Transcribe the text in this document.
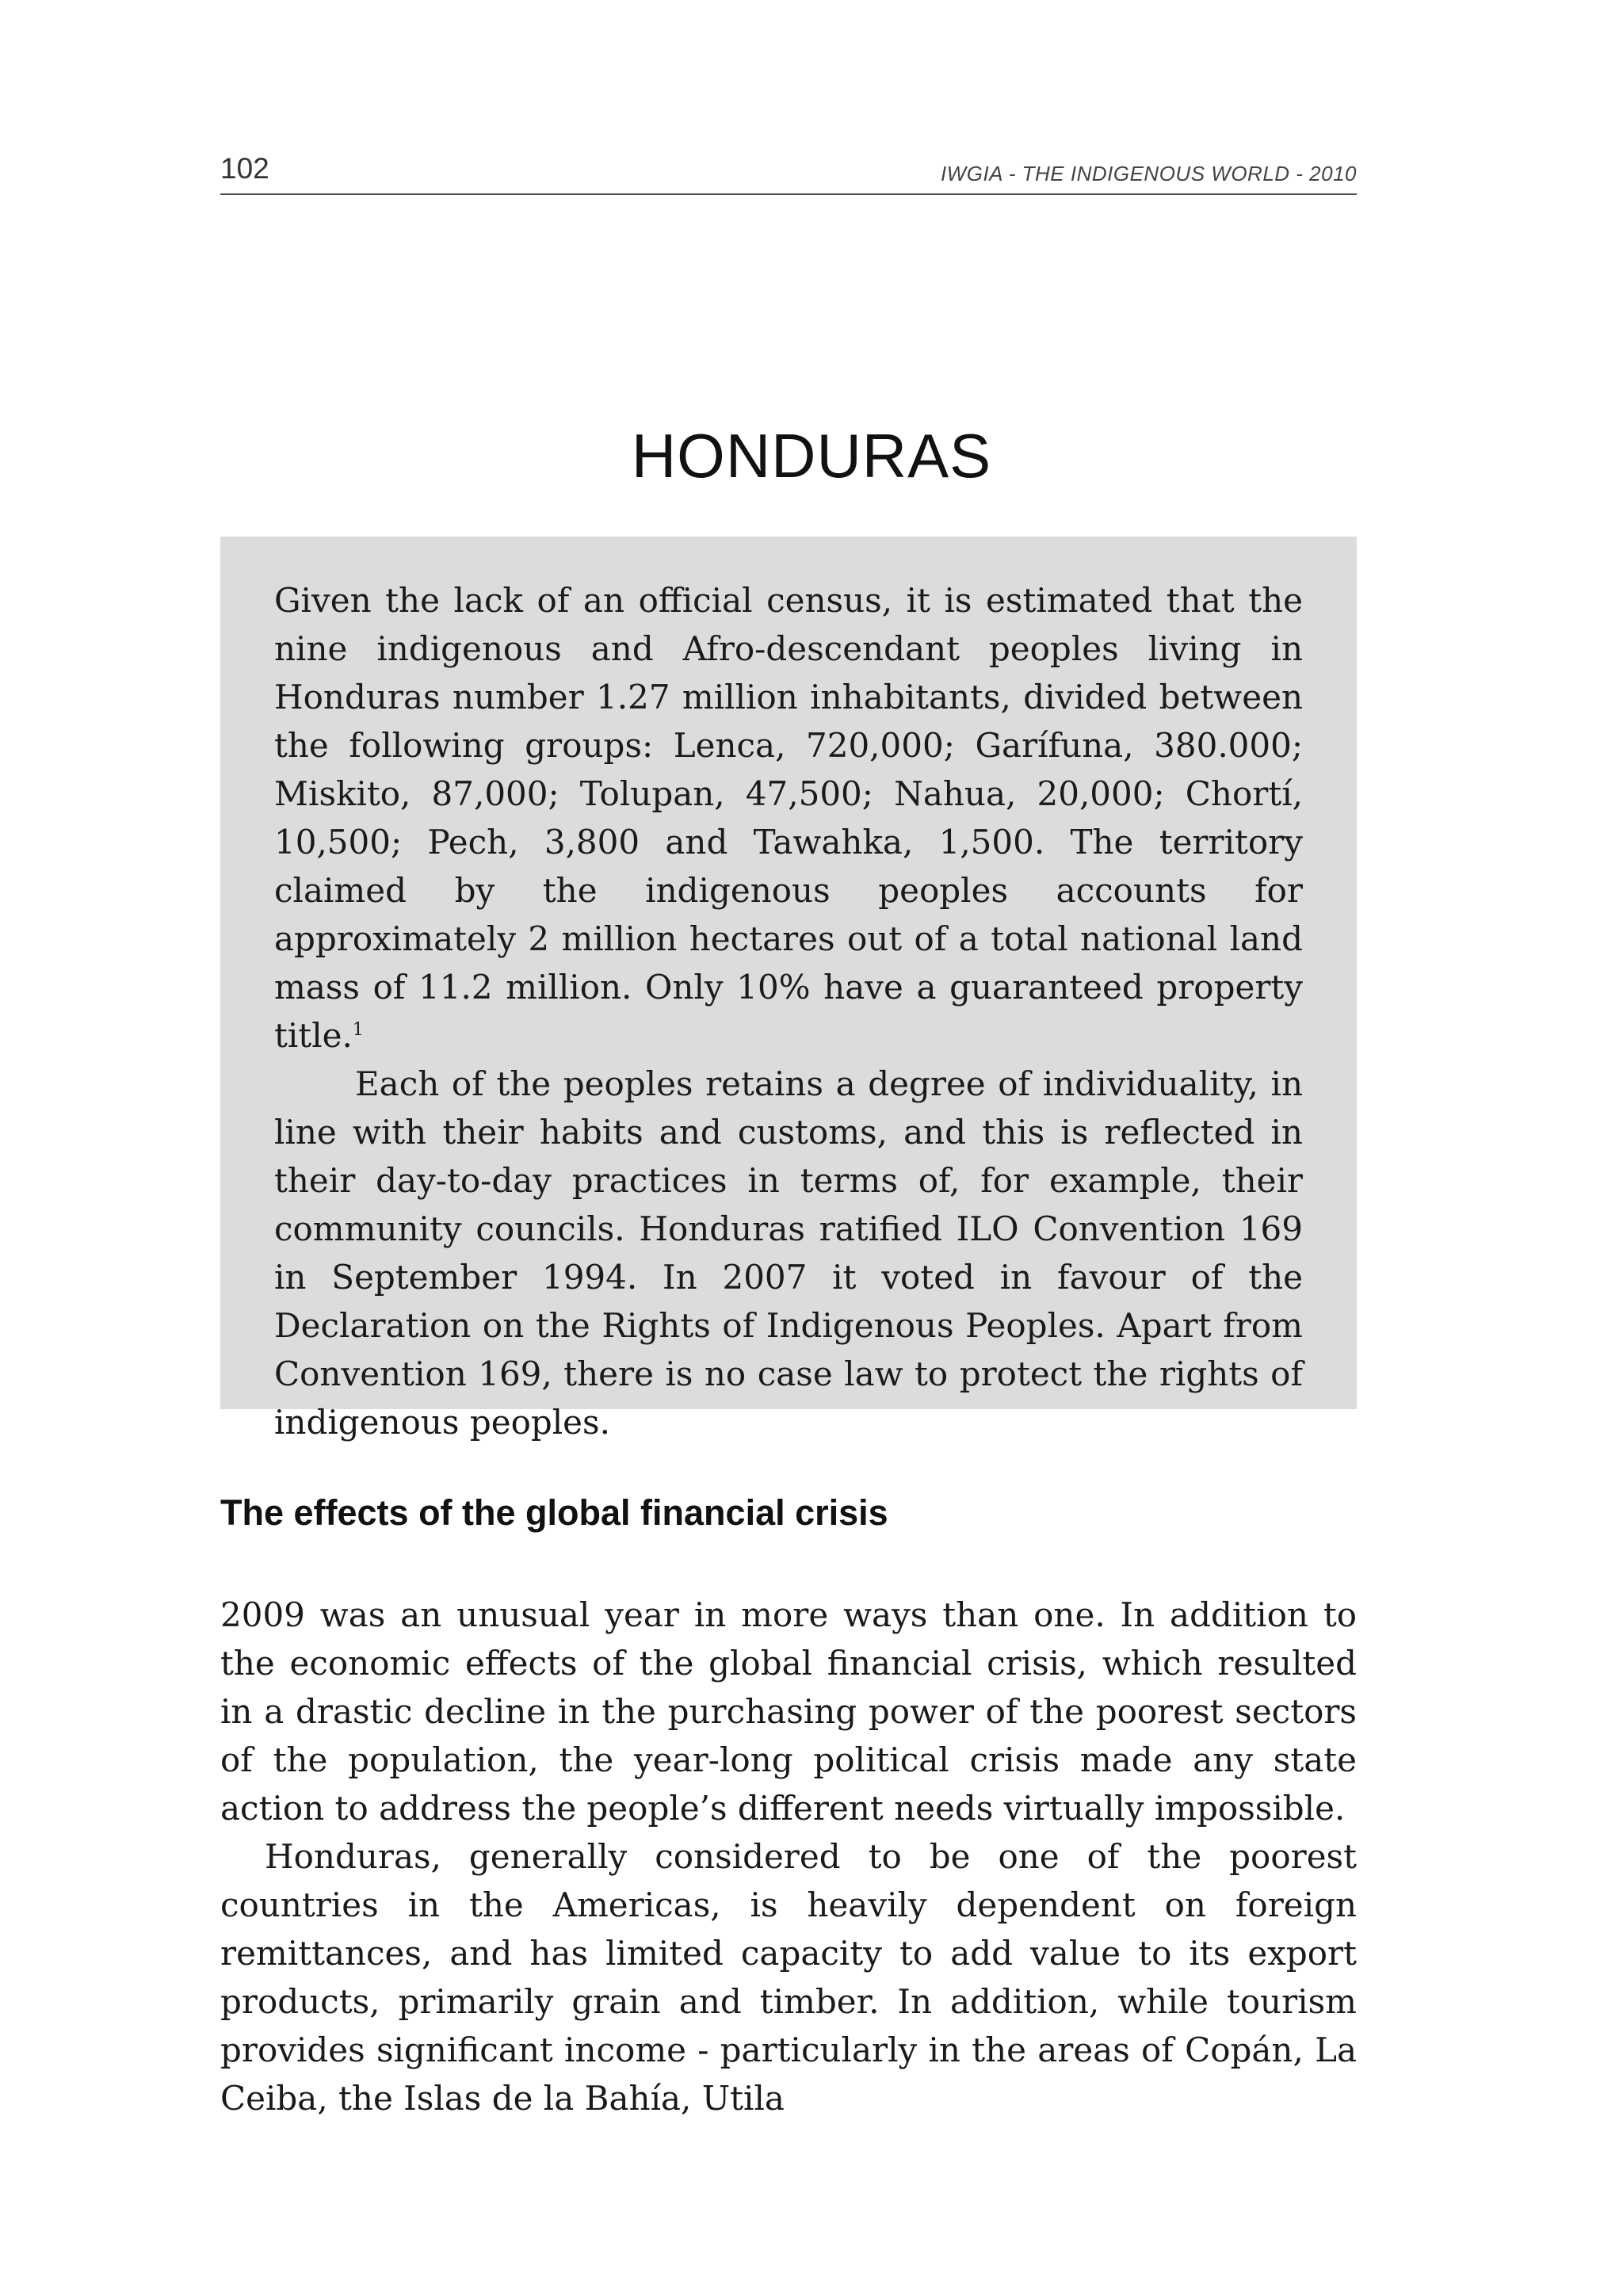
102	IWGIA - THE INDIGENOUS WORLD - 2010
HONDURAS

Given the lack of an official census, it is estimated that the nine indigenous and Afro-descendant peoples living in Honduras number 1.27 million inhabitants, divided between the following groups: Lenca, 720,000; Garífuna, 380.000; Miskito, 87,000; Tolupan, 47,500; Nahua, 20,000; Chortí, 10,500; Pech, 3,800 and Tawahka, 1,500. The territory claimed by the indigenous peoples accounts for approximately 2 million hectares out of a total national land mass of 11.2 million. Only 10% have a guaranteed property title.$^1$

Each of the peoples retains a degree of individuality, in line with their habits and customs, and this is reflected in their day-to-day practices in terms of, for example, their community councils. Honduras ratified ILO Convention 169 in September 1994. In 2007 it voted in favour of the Declaration on the Rights of Indigenous Peoples. Apart from Convention 169, there is no case law to protect the rights of indigenous peoples.

The effects of the global financial crisis

2009 was an unusual year in more ways than one. In addition to the economic effects of the global financial crisis, which resulted in a drastic decline in the purchasing power of the poorest sectors of the population, the year-long political crisis made any state action to address the people’s different needs virtually impossible.

Honduras, generally considered to be one of the poorest countries in the Americas, is heavily dependent on foreign remittances, and has limited capacity to add value to its export products, primarily grain and timber. In addition, while tourism provides significant income - particularly in the areas of Copán, La Ceiba, the Islas de la Bahía, Utila
